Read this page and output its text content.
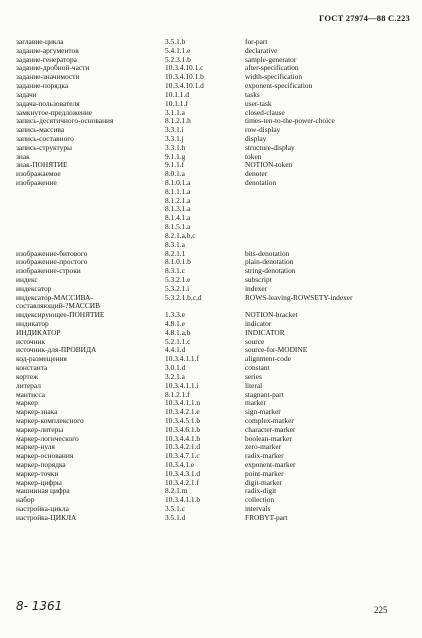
ГОСТ 27974—88 С.223
заглавие-цикла	3.5.1.b	for-part
задание-аргументов	5.4.1.1.e	declarative
задание-генератора	5.2.3.1.b	sample-generator
задание-дробной-части	10.3.4.10.1.c	after-specification
задание-значимости	10.3.4.10.1.b	width-specification
задание-порядка	10.3.4.10.1.d	exponent-specification
задачи	10.1.1.d	tasks
задача-пользователя	10.1.1.f	user-task
замкнутое-предложение	3.1.1.a	closed-clause
запись-десятичного-основания	8.1.2.1.h	times-ten-to-the-power-choice
запись-массива	3.3.1.i	row-display
запись-составного	3.3.1.j	display
запись-структуры	3.3.1.h	structure-display
знак	9.1.1.g	token
знак-ПОНЯТИЕ	9.1.1.f	NOTION-token
изображаемое	8.0.1.a	denoter
изображение	8.1.0.1.a	denotation
8.1.1.1.a
8.1.2.1.a
8.1.3.1.a
8.1.4.1.a
8.1.5.1.a
8.2.1.a,b,c
8.3.1.a
изображение-битового	8.2.1.1	bits-denotation
изображение-простого	8.1.0.1.b	plain-denotation
изображение-строки	8.3.1.c	string-denotation
индекс	5.3.2.1.e	subscript
индексатор	5.3.2.1.i	indexer
индексатор-МАССИВА-	5.3.2.1.b,c,d	ROWS-leaving-ROWSETY-indexer
составляющий-?МАССИВ
индексирующее-ПОНЯТИЕ	1.3.3.e	NOTION-bracket
индикатор	4.8.1.e	indicator
ИНДИКАТОР	4.8.1.a,b	INDICATOR
источник	5.2.1.1.c	source
источник-для-ПРОВИДА	4.4.1.d	source-for-MODINE
код-размещения	10.3.4.1.1.f	alignment-code
константа	3.0.1.d	constant
кортеж	3.2.1.a	series
литерал	10.3.4.1.1.i	literal
мантисса	8.1.2.1.f	stagnant-part
маркер	10.3.4.1.1.n	marker
маркер-знака	10.3.4.2.1.e	sign-marker
маркер-комплексного	10.3.4.5.1.b	complex-marker
маркер-литеры	10.3.4.6.1.b	character-marker
маркер-логического	10.3.4.4.1.b	boolean-marker
маркер-нуля	10.3.4.2.1.d	zero-marker
маркер-основания	10.3.4.7.1.c	radix-marker
маркер-порядка	10.3.4.1.e	exponent-marker
маркер-точки	10.3.4.3.1.d	point-marker
маркер-цифры	10.3.4.2.1.f	digit-marker
машинная цифра	8.2.1.m	radix-digit
набор	10.3.4.1.1.b	collection
настройка-цикла	3.5.1.c	intervals
настройка-ЦИКЛА	3.5.1.d	FROBYT-part
8- 1361	225
